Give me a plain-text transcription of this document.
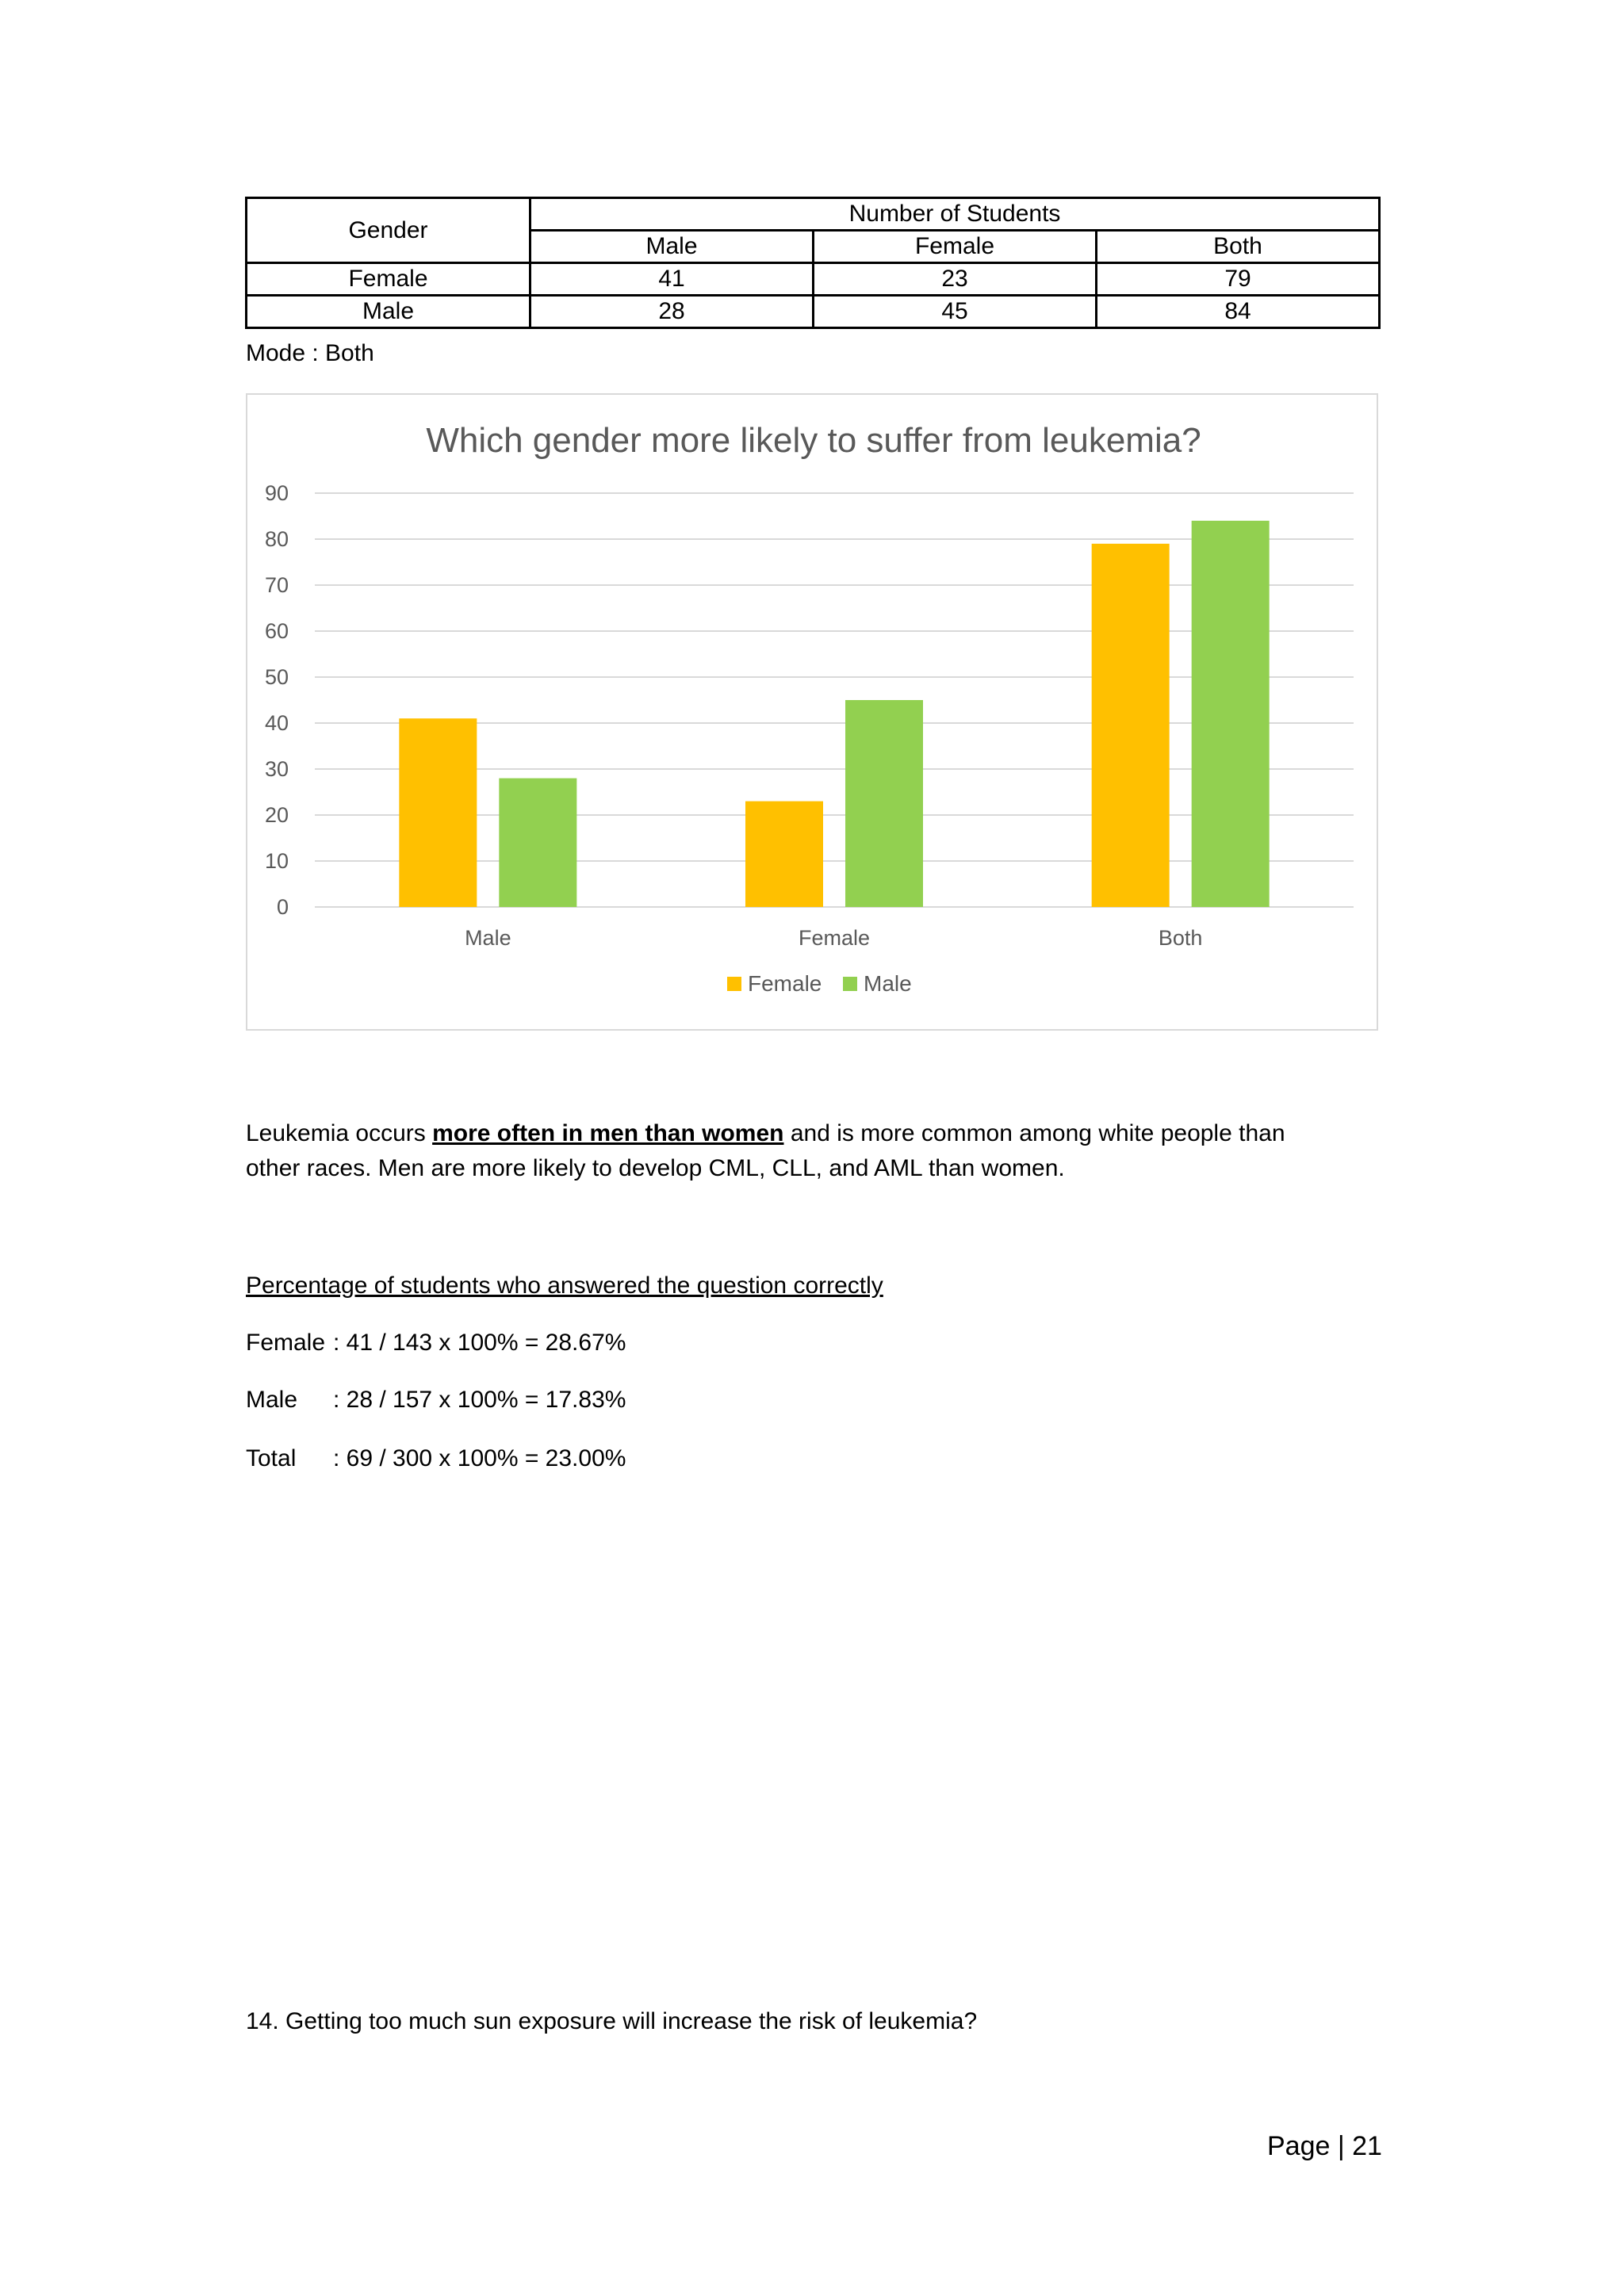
Gender	Number of Students		
	Male	Female	Both
Female	41	23	79
Male	28	45	84
Mode : Both
Which gender more likely to suffer from leukemia?
0
10
20
30
40
50
60
70
80
90
Male	Female	Both
Female Male
Leukemia occurs more often in men than women and is more common among white people than
other races. Men are more likely to develop CML, CLL, and AML than women.
Percentage of students who answered the question correctly
Female : 41 / 143 x 100% = 28.67%
Male : 28 / 157 x 100% = 17.83%
Total : 69 / 300 x 100% = 23.00%
14. Getting too much sun exposure will increase the risk of leukemia?
Page | 21
